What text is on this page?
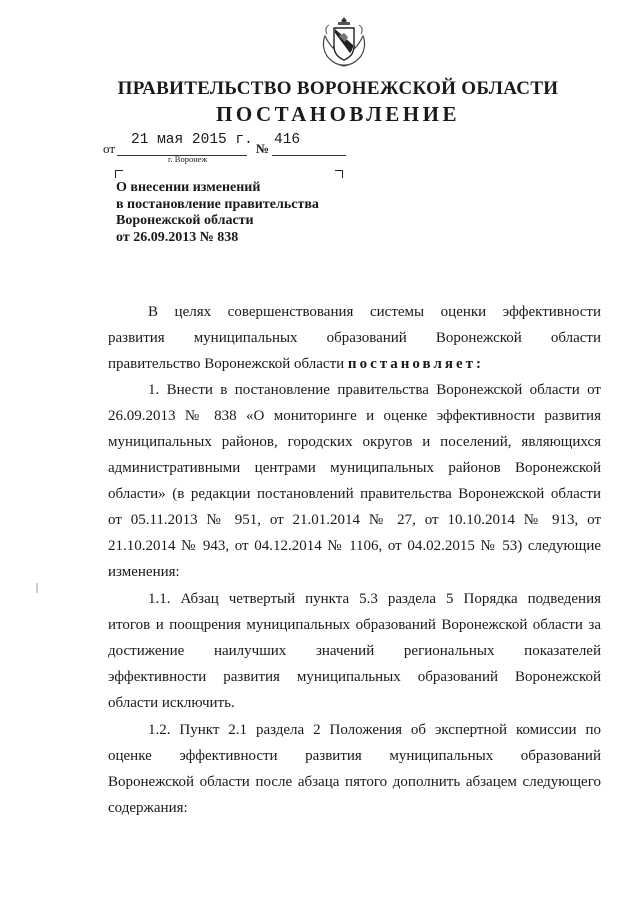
ПРАВИТЕЛЬСТВО ВОРОНЕЖСКОЙ ОБЛАСТИ
ПОСТАНОВЛЕНИЕ
от
21 мая 2015 г.
№
416
г. Воронеж
О внесении изменений
в постановление правительства
Воронежской области
от 26.09.2013 № 838
В целях совершенствования системы оценки эффективности
развития муниципальных образований Воронежской области
правительство Воронежской области постановляет:
1. Внести в постановление правительства Воронежской области от
26.09.2013 № 838 «О мониторинге и оценке эффективности развития
муниципальных районов, городских округов и поселений, являющихся
административными центрами муниципальных районов Воронежской
области» (в редакции постановлений правительства Воронежской области
от 05.11.2013 № 951, от 21.01.2014 № 27, от 10.10.2014 № 913, от
21.10.2014 № 943, от 04.12.2014 № 1106, от 04.02.2015 № 53) следующие
изменения:
1.1. Абзац четвертый пункта 5.3 раздела 5 Порядка подведения
итогов и поощрения муниципальных образований Воронежской области за
достижение наилучших значений региональных показателей
эффективности развития муниципальных образований Воронежской
области исключить.
1.2. Пункт 2.1 раздела 2 Положения об экспертной комиссии по
оценке эффективности развития муниципальных образований
Воронежской области после абзаца пятого дополнить абзацем следующего
содержания:
